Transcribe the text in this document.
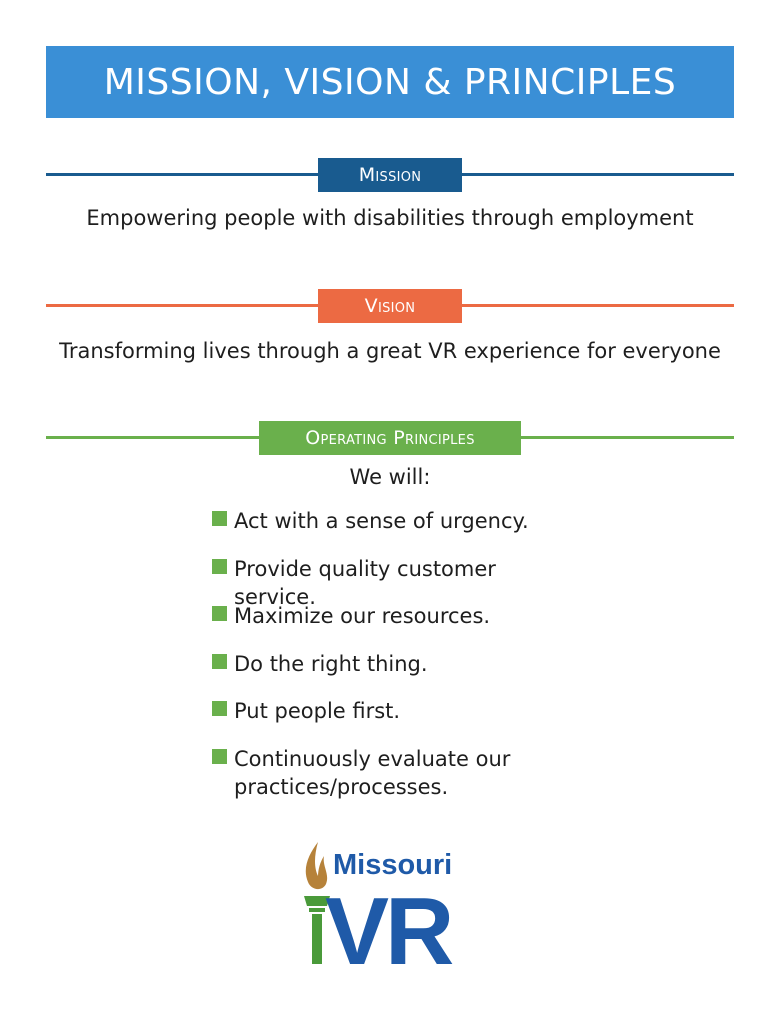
MISSION, VISION & PRINCIPLES
Mission
Empowering people with disabilities through employment
Vision
Transforming lives through a great VR experience for everyone
Operating Principles
We will:
Act with a sense of urgency.
Provide quality customer service.
Maximize our resources.
Do the right thing.
Put people first.
Continuously evaluate our practices/processes.
Missouri
VR
